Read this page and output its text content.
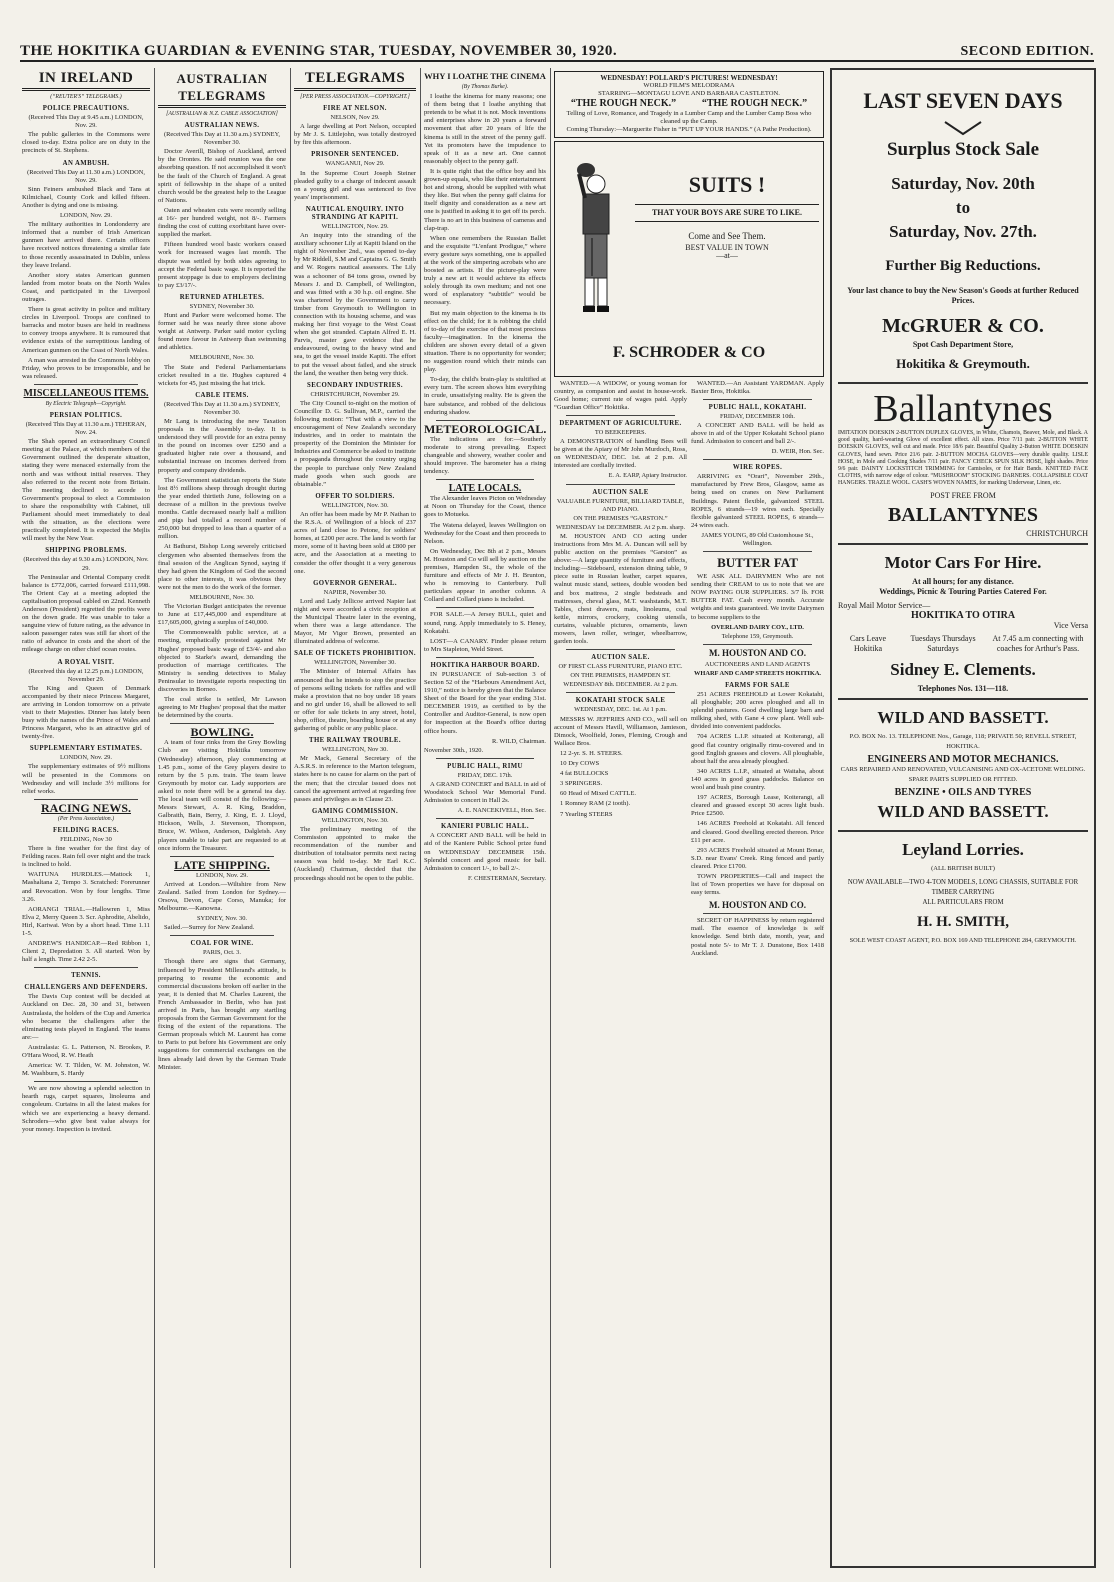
THE HOKITIKA GUARDIAN & EVENING STAR, TUESDAY, NOVEMBER 30, 1920.	SECOND EDITION.
IN IRELAND
(“REUTER'S” TELEGRAMS.)
POLICE PRECAUTIONS.
(Received This Day at 9.45 a.m.) LONDON, Nov. 29.

The public galleries in the Commons were closed to-day. Extra police are on duty in the precincts of St. Stephens.

AN AMBUSH.
(Received This Day at 11.30 a.m.) LONDON, Nov. 29.

Sinn Feiners ambushed Black and Tans at Kilmichael, County Cork and killed fifteen. Another is dying and one is missing.

LONDON, Nov. 29.

The military authorities in Londonderry are informed that a number of Irish American gunmen have arrived there. Certain officers have received notices threatening a similar fate to those recently assassinated in Dublin, unless they leave Ireland.

Another story states American gunmen landed from motor boats on the North Wales Coast, and participated in the Liverpool outrages.

There is great activity in police and military circles in Liverpool. Troops are confined to barracks and motor buses are held in readiness to convey troops anywhere. It is rumoured that evidence exists of the surreptitious landing of American gunmen on the Coast of North Wales.

A man was arrested in the Commons lobby on Friday, who proves to be irresponsible, and he was released.

MISCELLANEOUS ITEMS.
By Electric Telegraph—Copyright.
PERSIAN POLITICS.
(Received This Day at 11.30 a.m.) TEHERAN, Nov. 24.

The Shah opened an extraordinary Council meeting at the Palace, at which members of the Government outlined the desperate situation, stating they were menaced externally from the north and was without initial reserves. They also referred to the recent note from Britain. The meeting declined to accede to Government's proposal to elect a Commission to share the responsibility with Cabinet, till Parliament should meet immediately to deal with the situation, as the elections were practically completed. It is expected the Mejlis will meet by the New Year.

SHIPPING PROBLEMS.
(Received this day at 9.30 a.m.) LONDON, Nov. 29.

The Peninsular and Oriental Company credit balance is £772,006, carried forward £111,998. The Orient Cay at a meeting adopted the capitalisation proposal cabled on 22nd. Kenneth Anderson (President) regretted the profits were on the down grade. He was unable to take a sanguine view of future rating, as the advance in saloon passenger rates was still far short of the ratio of advance in costs and the short of the mileage charge on other chief ocean routes.

A ROYAL VISIT.
(Received this day at 12.25 p.m.) LONDON, November 29.

The King and Queen of Denmark accompanied by their niece Princess Margaret, are arriving in London tomorrow on a private visit to their Majesties. Dinner has lately been busy with the names of the Prince of Wales and Princess Margaret, who is an attractive girl of twenty-five.

SUPPLEMENTARY ESTIMATES.
LONDON, Nov. 29.

The supplementary estimates of 9½ millions will be presented in the Commons on Wednesday and will include 3½ millions for relief works.

RACING NEWS.
(Per Press Association.)
FEILDING RACES.
FEILDING, Nov 30

There is fine weather for the first day of Feilding races. Rain fell over night and the track is inclined to hold.

WAITUNA HURDLES.—Mattock 1, Mashaltana 2, Tempo 3. Scratched: Forerunner and Revocation. Won by four lengths. Time 3.26.

AORANGI TRIAL.—Hallowren 1, Miss Elva 2, Merry Queen 3. Scr. Aphrodite, Abelido, Hirl, Kariwai. Won by a short head. Time 1.11 1-5.

ANDREW'S HANDICAP.—Red Ribbon 1, Client 2, Depredation 3. All started. Won by half a length. Time 2.42 2-5.

TENNIS.
CHALLENGERS AND DEFENDERS.

The Davis Cup contest will be decided at Auckland on Dec. 28, 30 and 31, between Australasia, the holders of the Cup and America who became the challengers after the eliminating tests played in England. The teams are:—

Australasia: G. L. Patterson, N. Brookes, P. O'Hara Wood, R. W. Heath

America: W. T. Tilden, W. M. Johnston, W. M. Washburn, S. Hardy

We are now showing a splendid selection in hearth rugs, carpet squares, linoleums and congoleum. Curtains in all the latest makes for which we are experiencing a heavy demand. Schroders—who give best value always for your money. Inspection is invited.

AUSTRALIAN TELEGRAMS
[AUSTRALIAN & N.Z. CABLE ASSOCIATION]
AUSTRALIAN NEWS.
(Received This Day at 11.30 a.m.) SYDNEY, November 30.

Doctor Averill, Bishop of Auckland, arrived by the Orontes. He said reunion was the one absorbing question. If not accomplished it won't be the fault of the Church of England. A great spirit of fellowship in the shape of a united church would be the greatest help to the League of Nations.

Oaten and wheaten cuts were recently selling at 16/- per hundred weight, not 8/-. Farmers finding the cost of cutting exorbitant have over-supplied the market.

Fifteen hundred wool basic workers ceased work for increased wages last month. The dispute was settled by both sides agreeing to accept the Federal basic wage. It is reported the present stoppage is due to employers declining to pay £3/17/-.

RETURNED ATHLETES.
SYDNEY, November 30.

Hunt and Parker were welcomed home. The former said he was nearly three stone above weight at Antwerp. Parker said motor cycling found more favour in Antwerp than swimming and athletics.

MELBOURNE, Nov. 30.

The State and Federal Parliamentarians cricket resulted in a tie. Hughes captured 4 wickets for 45, just missing the hat trick.

CABLE ITEMS.
(Received This Day at 11.30 a.m.) SYDNEY, November 30.

Mr Lang is introducing the new Taxation proposals in the Assembly to-day. It is understood they will provide for an extra penny in the pound on incomes over £250 and a graduated higher rate over a thousand, and substantial increase on incomes derived from property and company dividends.

The Government statistician reports the State lost 8½ millions sheep through drought during the year ended thirtieth June, following on a decrease of a million in the previous twelve months. Cattle decreased nearly half a million and pigs had totalled a record number of 250,000 but dropped to less than a quarter of a million.

At Bathurst, Bishop Long severely criticised clergymen who absented themselves from the final session of the Anglican Synod, saying if they had given the Kingdom of God the second place to other interests, it was obvious they were not the men to do the work of the former.

MELBOURNE, Nov. 30.

The Victorian Budget anticipates the revenue to June at £17,445,000 and expenditure at £17,605,000, giving a surplus of £40,000.

The Commonwealth public service, at a meeting, emphatically protested against Mr Hughes' proposed basic wage of £3/4/- and also objected to Starke's award, demanding the production of marriage certificates. The Ministry is sending detectives to Malay Peninsular to investigate reports respecting tin discoveries in Borneo.

The coal strike is settled, Mr Lawson agreeing to Mr Hughes' proposal that the matter be determined by the courts.

BOWLING.

A team of four rinks from the Grey Bowling Club are visiting Hokitika tomorrow (Wednesday) afternoon, play commencing at 1.45 p.m., some of the Grey players desire to return by the 5 p.m. train. The team leave Greymouth by motor car. Lady supporters are asked to note there will be a general tea day. The local team will consist of the following:—Messrs Stewart, A. R. King, Braddon, Galbraith, Bain, Berry, J. King, E. J. Lloyd, Hickson, Wells, J. Stevenson, Thompson, Bruce, W. Wilson, Anderson, Dalgleish. Any players unable to take part are requested to at once inform the Treasurer.

LATE SHIPPING.
LONDON, Nov. 29.

Arrived at London.—Wiltshire from New Zealand. Sailed from London for Sydney.—Orsova, Devon, Cape Corso, Manuka; for Melbourne.—Kanowna.

SYDNEY, Nov. 30.

Sailed.—Surrey for New Zealand.

COAL FOR WINE.
PARIS, Oct. 3.

Though there are signs that Germany, influenced by President Millerand's attitude, is preparing to resume the economic and commercial discussions broken off earlier in the year, it is denied that M. Charles Laurent, the French Ambassador in Berlin, who has just arrived in Paris, has brought any startling proposals from the German Government for the fixing of the extent of the reparations. The German proposals which M. Laurent has come to Paris to put before his Government are only suggestions for commercial exchanges on the lines already laid down by the German Trade Minister.

TELEGRAMS
[PER PRESS ASSOCIATION.—COPYRIGHT.]
FIRE AT NELSON.
NELSON, Nov 29.

A large dwelling at Port Nelson, occupied by Mr J. S. Littlejohn, was totally destroyed by fire this afternoon.

PRISONER SENTENCED.
WANGANUI, Nov 29.

In the Supreme Court Joseph Steiner pleaded guilty to a charge of indecent assault on a young girl and was sentenced to five years' imprisonment.

NAUTICAL ENQUIRY. INTO STRANDING AT KAPITI.
WELLINGTON, Nov. 29.

An inquiry into the stranding of the auxiliary schooner Lily at Kapiti Island on the night of November 2nd., was opened to-day by Mr Riddell, S.M and Captains G. G. Smith and W. Rogers nautical assessors. The Lily was a schooner of 84 tons gross, owned by Messrs J. and D. Campbell, of Wellington, and was fitted with a 30 h.p. oil engine. She was chartered by the Government to carry timber from Greymouth to Wellington in connection with its housing scheme, and was making her first voyage to the West Coast when she got stranded. Captain Alfred E. H. Parvis, master gave evidence that he endeavoured, owing to the heavy wind and sea, to get the vessel inside Kapiti. The effort to put the vessel about failed, and she struck the land, the weather then being very thick.

SECONDARY INDUSTRIES.
CHRISTCHURCH, November 29.

The City Council to-night on the motion of Councillor D. G. Sullivan, M.P., carried the following motion: “That with a view to the encouragement of New Zealand's secondary industries, and in order to maintain the prosperity of the Dominion the Minister for Industries and Commerce be asked to institute a propaganda throughout the country urging the people to purchase only New Zealand made goods when such goods are obtainable.”

OFFER TO SOLDIERS.
WELLINGTON, Nov. 30.

An offer has been made by Mr P. Nathan to the R.S.A. of Wellington of a block of 237 acres of land close to Petone, for soldiers' homes, at £200 per acre. The land is worth far more, some of it having been sold at £800 per acre, and the Association at a meeting to consider the offer thought it a very generous one.

GOVERNOR GENERAL.
NAPIER, November 30.

Lord and Lady Jellicoe arrived Napier last night and were accorded a civic reception at the Municipal Theatre later in the evening, when there was a large attendance. The Mayor, Mr Vigor Brown, presented an illuminated address of welcome.

SALE OF TICKETS PROHIBITION.
WELLINGTON, November 30.

The Minister of Internal Affairs has announced that he intends to stop the practice of persons selling tickets for raffles and will make a provision that no boy under 18 years and no girl under 16, shall be allowed to sell or offer for sale tickets in any street, hotel, shop, office, theatre, boarding house or at any gathering of public or any public place.

THE RAILWAY TROUBLE.
WELLINGTON, Nov 30.

Mr Mack, General Secretary of the A.S.R.S. in reference to the Marton telegram, states here is no cause for alarm on the part of the men; that the circular issued does not cancel the agreement arrived at regarding free passes and privileges as in Clause 23.

GAMING COMMISSION.
WELLINGTON, Nov. 30.

The preliminary meeting of the Commission appointed to make the recommendation of the number and distribution of totalisator permits next racing season was held to-day. Mr Earl K.C. (Auckland) Chairman, decided that the proceedings should not be open to the public.

WHY I LOATHE THE CINEMA
(By Thomas Burke).

I loathe the kinema for many reasons; one of them being that I loathe anything that pretends to be what it is not. Mock inventions and enterprises show in 20 years a forward movement that after 20 years of life the kinema is still in the street of the penny gaff. Yet its promoters have the impudence to speak of it as a new art. One cannot reasonably object to the penny gaff.

It is quite right that the office boy and his grown-up equals, who like their entertainment hot and strong, should be supplied with what they like. But when the penny gaff claims for itself dignity and consideration as a new art one is justified in asking it to get off its perch. There is no art in this business of cameras and clap-trap.

When one remembers the Russian Ballet and the exquisite “L'enfant Prodigue,” where every gesture says something, one is appalled at the work of the simpering acrobats who are boosted as artists. If the picture-play were truly a new art it would achieve its effects solely through its own medium; and not one word of explanatory “subtitle” would be necessary.

But my main objection to the kinema is its effect on the child; for it is robbing the child of to-day of the exercise of that most precious faculty—imagination. In the kinema the children are shown every detail of a given situation. There is no opportunity for wonder; no suggestion round which their minds can play.

To-day, the child's brain-play is stultified at every turn. The screen shows him everything in crude, unsatisfying reality. He is given the bare substance, and robbed of the delicious enduring shadow.

METEOROLOGICAL.

The indications are for:—Southerly moderate to strong prevailing. Expect changeable and showery, weather cooler and should improve. The barometer has a rising tendency.

LATE LOCALS.

The Alexander leaves Picton on Wednesday at Noon on Thursday for the Coast, thence goes to Motueka.

The Watena delayed, leaves Wellington on Wednesday for the Coast and then proceeds to Nelson.

On Wednesday, Dec 8th at 2 p.m., Messrs M. Houston and Co will sell by auction on the premises, Hampden St., the whole of the furniture and effects of Mr J. H. Brunton, who is removing to Canterbury. Full particulars appear in another column. A Collard and Collard piano is included.

FOR SALE.—A Jersey BULL, quiet and sound, rung. Apply immediately to S. Heney, Kokatahi.

LOST—A CANARY. Finder please return to Mrs Stapleton, Weld Street.

HOKITIKA HARBOUR BOARD.

IN PURSUANCE of Sub-section 3 of Section 52 of the “Harbours Amendment Act, 1910,” notice is hereby given that the Balance Sheet of the Board for the year ending 31st. DECEMBER 1919, as certified to by the Controller and Auditor-General, is now open for inspection at the Board's office during office hours.

R. WILD, Chairman.
November 30th., 1920.
PUBLIC HALL, RIMU
FRIDAY, DEC. 17th.

A GRAND CONCERT and BALL in aid of Woodstock School War Memorial Fund. Admission to concert in Hall 2s.

A. E. NANCEKIVELL, Hon. Sec.
KANIERI PUBLIC HALL.

A CONCERT AND BALL will be held in aid of the Kaniere Public School prize fund on WEDNESDAY DECEMBER 15th. Splendid concert and good music for ball. Admission to concert 1/-, to ball 2/-.

F. CHESTERMAN, Secretary.
WEDNESDAY! POLLARD'S PICTURES! WEDNESDAY!
WORLD FILM'S MELODRAMA
STARRING—MONTAGU LOVE AND BARBARA CASTLETON.
“THE ROUGH NECK.”	“THE ROUGH NECK.”
Telling of Love, Romance, and Tragedy in a Lumber Camp and the Lumber Camp Boss who cleaned up the Camp.
Coming Thursday:—Marguerite Fisher in “PUT UP YOUR HANDS.” (A Pathe Production).
SUITS !
THAT YOUR BOYS ARE SURE TO LIKE.
Come and See Them.
BEST VALUE IN TOWN
—at—
F. SCHRODER & CO

WANTED.—A WIDOW, or young woman for country, as companion and assist in house-work. Good home; current rate of wages paid. Apply “Guardian Office” Hokitika.

DEPARTMENT OF AGRICULTURE.
TO BEEKEEPERS.

A DEMONSTRATION of handling Bees will be given at the Apiary of Mr John Murdoch, Ross, on WEDNESDAY, DEC. 1st. at 2 p.m. All interested are cordially invited.

E. A. EARP, Apiary Instructor.
AUCTION SALE
VALUABLE FURNITURE, BILLIARD TABLE, AND PIANO.
ON THE PREMISES “GARSTON.”
WEDNESDAY 1st DECEMBER. At 2 p.m. sharp.

M. HOUSTON AND CO acting under instructions from Mrs M. A. Duncan will sell by public auction on the premises “Garston” as above:—A large quantity of furniture and effects, including:—Sideboard, extension dining table, 9 piece suite in Russian leather, carpet squares, walnut music stand, settees, double wooden bed and box mattress, 2 single bedsteads and mattresses, cheval glass, M.T. washstands, M.T. Tables, chest drawers, mats, linoleums, coal kettle, mirrors, crockery, cooking utensils, curtains, valuable pictures, ornaments, lawn mowers, lawn roller, wringer, wheelbarrow, garden tools.

AUCTION SALE.
OF FIRST CLASS FURNITURE, PIANO ETC.
ON THE PREMISES, HAMPDEN ST.
WEDNESDAY 8th. DECEMBER. At 2 p.m.
KOKATAHI STOCK SALE
WEDNESDAY, DEC. 1st. At 1 p.m.

MESSRS W. JEFFRIES AND CO., will sell on account of Messrs Havill, Williamson, Jamieson, Dimock, Woolfield, Jones, Fleming, Crough and Wallace Bros.

12 2-yr. S. H. STEERS.

10 Dry COWS

4 fat BULLOCKS

3 SPRINGERS.

60 Head of Mixed CATTLE.

1 Romney RAM (2 tooth).

7 Yearling STEERS

WANTED.—An Assistant YARDMAN. Apply Baxter Bros, Hokitika.

PUBLIC HALL, KOKATAHI.
FRIDAY, DECEMBER 10th.

A CONCERT AND BALL will be held as above in aid of the Upper Kokatahi School piano fund. Admission to concert and ball 2/-.

D. WEIR, Hon. Sec.
WIRE ROPES.

ARRIVING ex “Orari”, November 29th., manufactured by Frew Bros, Glasgow, same as being used on cranes on New Parliament Buildings. Patent flexible, galvanized STEEL ROPES, 6 strands—19 wires each. Specially flexible galvanized STEEL ROPES, 6 strands—24 wires each.

JAMES YOUNG, 89 Old Customhouse St., Wellington.
BUTTER FAT

WE ASK ALL DAIRYMEN Who are not sending their CREAM to us to note that we are NOW PAYING OUR SUPPLIERS. 3/7 lb. FOR BUTTER FAT. Cash every month. Accurate weights and tests guaranteed. We invite Dairymen to become suppliers to the

OVERLAND DAIRY COY., LTD.
Telephone 159, Greymouth.
M. HOUSTON AND CO.
AUCTIONEERS AND LAND AGENTS
WHARF AND CAMP STREETS HOKITIKA.
FARMS FOR SALE

251 ACRES FREEHOLD at Lower Kokatahi, all ploughable; 200 acres ploughed and all in splendid pastures. Good dwelling large barn and milking shed, with Gane 4 cow plant. Well sub-divided into convenient paddocks.

704 ACRES L.I.P. situated at Koiterangi, all good flat country originally rimu-covered and in good English grasses and clovers. All ploughable, about half the area already ploughed.

340 ACRES L.I.P., situated at Waitaha, about 140 acres in good grass paddocks. Balance on wool and bush pine country.

197 ACRES, Borough Lease, Koiterangi, all cleared and grassed except 30 acres light bush. Price £2500.

146 ACRES Freehold at Kokatahi. All fenced and cleared. Good dwelling erected thereon. Price £11 per acre.

293 ACRES Freehold situated at Mount Bonar, S.D. near Evans' Creek. Ring fenced and partly cleared. Price £1700.

TOWN PROPERTIES—Call and inspect the list of Town properties we have for disposal on easy terms.

M. HOUSTON AND CO.

SECRET OF HAPPINESS by return registered mail. The essence of knowledge is self knowledge. Send birth date, month, year, and postal note 5/- to Mr T. J. Dunstone, Box 1418 Auckland.

LAST SEVEN DAYS
Surplus Stock Sale
Saturday, Nov. 20th
to
Saturday, Nov. 27th.
Further Big Reductions.
Your last chance to buy the New Season's Goods at further Reduced Prices.
McGRUER & CO.
Spot Cash Department Store,
Hokitika & Greymouth.
Ballantynes
IMITATION DOESKIN 2-BUTTON DUPLEX GLOVES, in White, Chamois, Beaver, Mole, and Black. A good quality, hard-wearing Glove of excellent effect. All sizes. Price 7/11 pair. 2-BUTTON WHITE DOESKIN GLOVES, well cut and made. Price 18/6 pair. Beautiful Quality 2-Button WHITE DOESKIN GLOVES, hand sewn. Price 21/6 pair. 2-BUTTON MOCHA GLOVES—very durable quality. LISLE HOSE, in Mole and Cooking Shades 7/11 pair. FANCY CHECK SPUN SILK HOSE, light shades. Price 9/6 pair. DAINTY LOCKSTITCH TRIMMING for Camisoles, or for Hair Bands. KNITTED FACE CLOTHS, with narrow edge of colour. “MUSHROOM” STOCKING DARNERS. COLLAPSIBLE COAT HANGERS. TRAZLE WOOL. CASH'S WOVEN NAMES, for marking Underwear, Linen, etc.
POST FREE FROM
BALLANTYNES
CHRISTCHURCH
Motor Cars For Hire.
At all hours; for any distance.
Weddings, Picnic & Touring Parties Catered For.
Royal Mail Motor Service—
HOKITIKA TO OTIRA
Vice Versa
Cars Leave Hokitika
Tuesdays Thursdays Saturdays
At 7.45 a.m connecting with coaches for Arthur's Pass.
Sidney E. Clements.
Telephones Nos. 131—118.
WILD AND BASSETT.
P.O. BOX No. 13. TELEPHONE Nos., Garage, 118; PRIVATE 50; REVELL STREET, HOKITIKA.
ENGINEERS AND MOTOR MECHANICS.
CARS REPAIRED AND RENOVATED, VULCANISING AND OX-ACETONE WELDING.
SPARE PARTS SUPPLIED OR FITTED.
BENZINE • OILS AND TYRES
WILD AND BASSETT.
Leyland Lorries.
(ALL BRITISH BUILT)
NOW AVAILABLE—TWO 4-TON MODELS, LONG CHASSIS, SUITABLE FOR TIMBER CARRYING
ALL PARTICULARS FROM
H. H. SMITH,
SOLE WEST COAST AGENT, P.O. BOX 169 AND TELEPHONE 284, GREYMOUTH.
